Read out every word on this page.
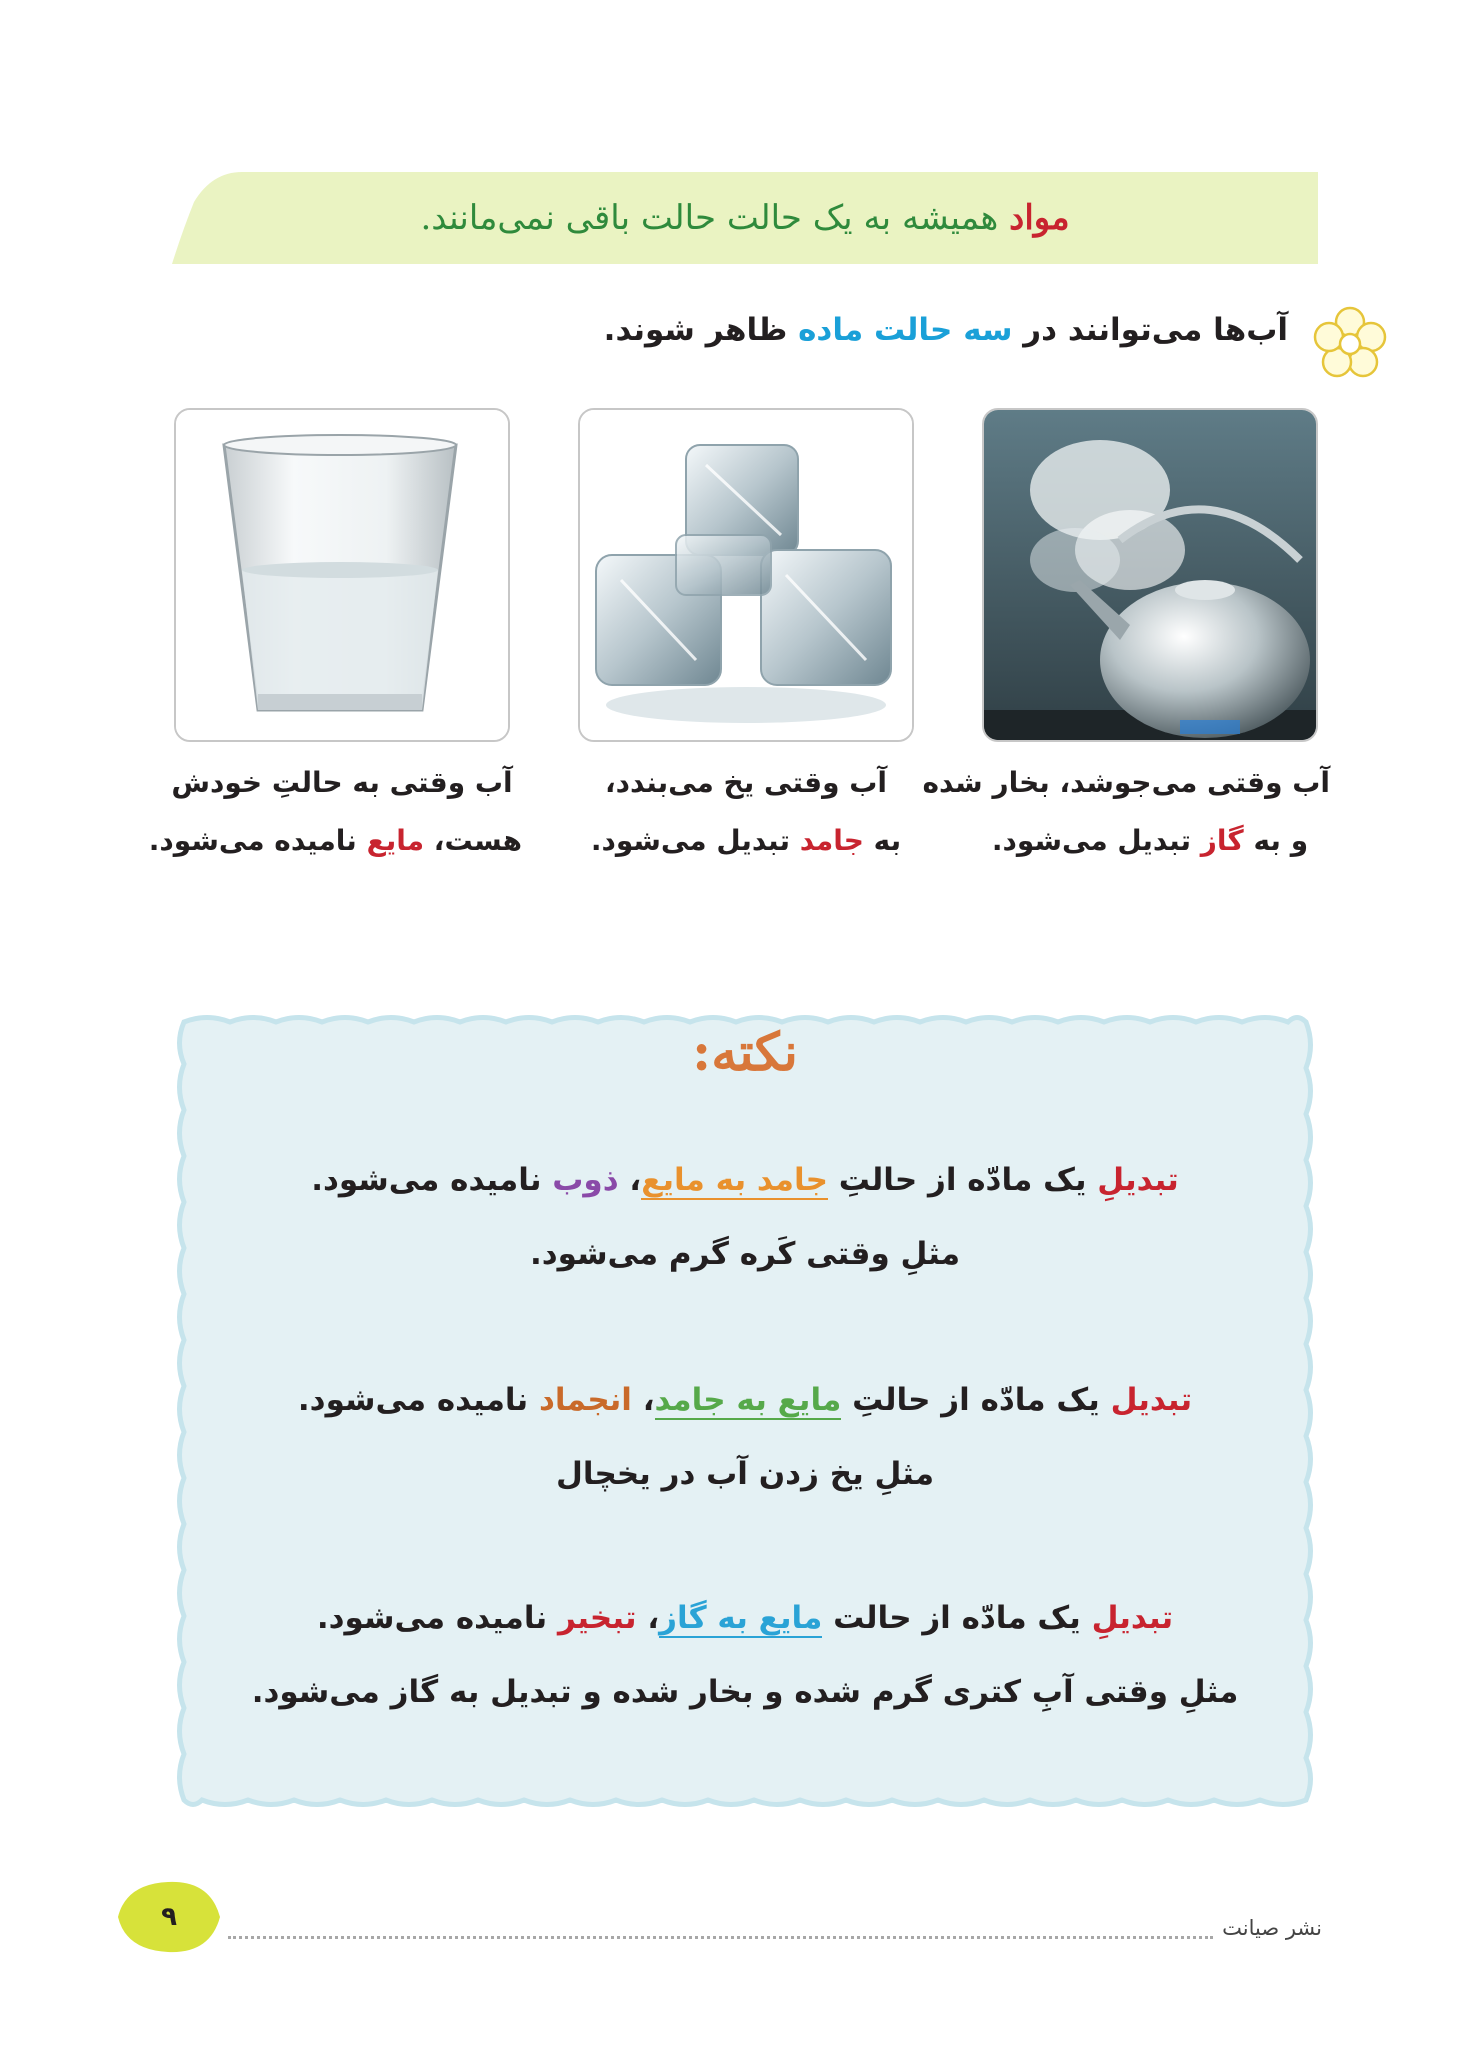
مواد همیشه به یک حالت حالت باقی نمی‌مانند.
آب‌ها می‌توانند در سه حالت ماده ظاهر شوند.
آب وقتی می‌جوشد، بخار شده
و به گاز تبدیل می‌شود.
آب وقتی یخ می‌بندد،
به جامد تبدیل می‌شود.
آب وقتی به حالتِ خودش
هست، مایع نامیده می‌شود.
نکته:
تبدیلِ یک مادّه از حالتِ جامد به مایع، ذوب نامیده می‌شود.
مثلِ وقتی کَره گرم می‌شود.
تبدیل یک مادّه از حالتِ مایع به جامد، انجماد نامیده می‌شود.
مثلِ یخ زدن آب در یخچال
تبدیلِ یک مادّه از حالت مایع به گاز، تبخیر نامیده می‌شود.
مثلِ وقتی آبِ کتری گرم شده و بخار شده و تبدیل به گاز می‌شود.
۹	نشر صیانت
